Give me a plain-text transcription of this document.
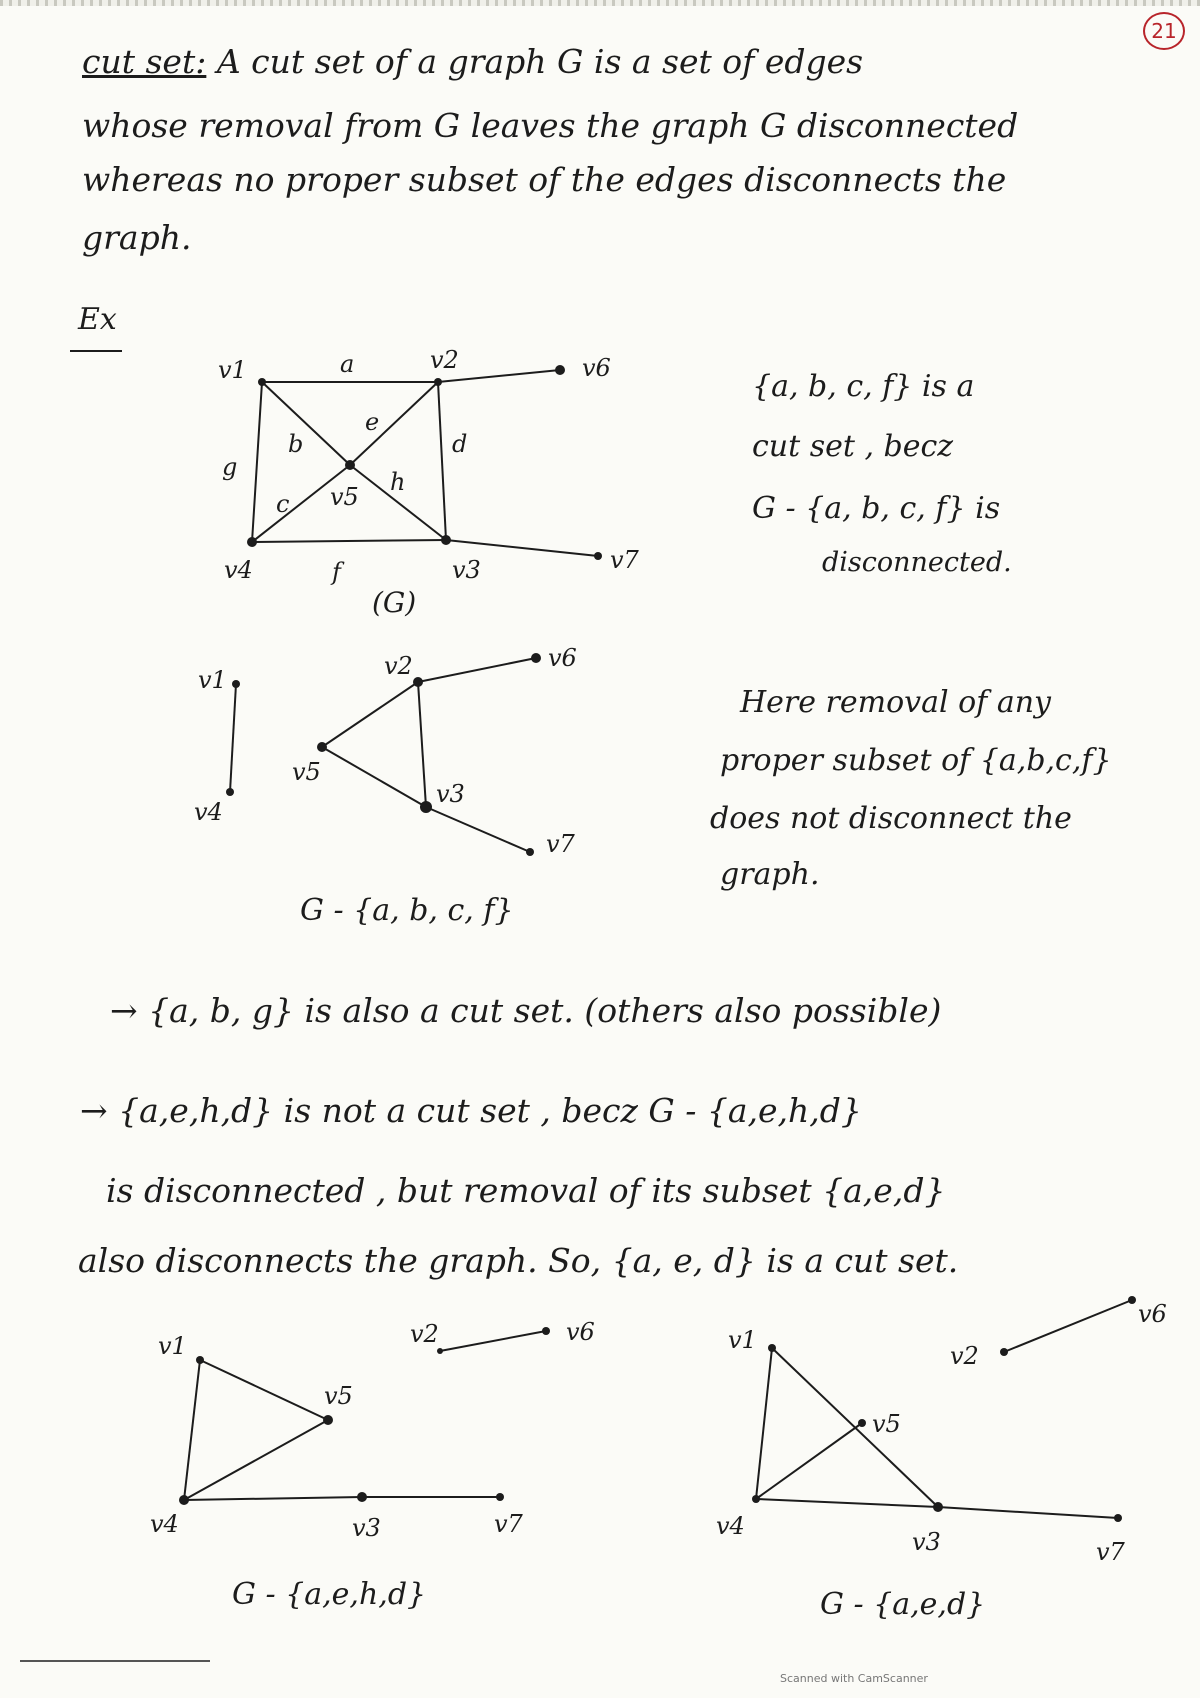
21
cut set: A cut set of a graph G is a set of edges
whose removal from G leaves the graph G disconnected
whereas no proper subset of the edges disconnects the
graph.
Ex
v1	a	v2	v6
e
b	d
g
h
c v5
v7
v4	f	v3
(G)
{a, b, c, f} is a
cut set , becz
G - {a, b, c, f} is
disconnected.
v1
v4
v2	v6
v5
v3
v7
G - {a, b, c, f}
Here removal of any
proper subset of {a,b,c,f}
does not disconnect the
graph.
→ {a, b, g} is also a cut set. (others also possible)
→ {a,e,h,d} is not a cut set , becz G - {a,e,h,d}
is disconnected , but removal of its subset {a,e,d}
also disconnects the graph. So, {a, e, d} is a cut set.
v1	v2	v6
v5
v4	v3	v7
G - {a,e,h,d}
v1
v2
v6
v5
v4
v3	v7
G - {a,e,d}
Scanned with CamScanner
